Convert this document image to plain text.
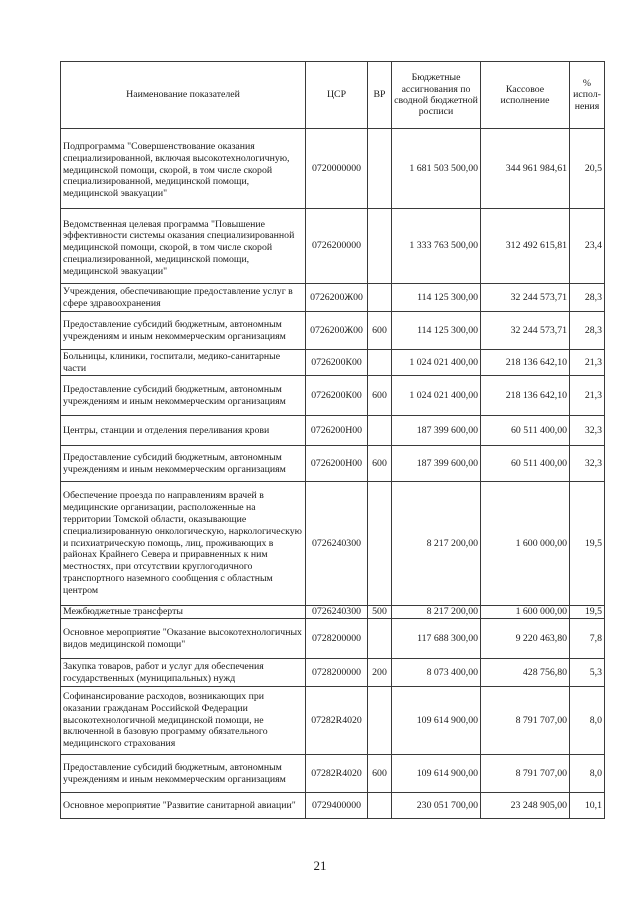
Наименование показателей	ЦСР	ВР	Бюджетные ассигнования по сводной бюджетной росписи	Кассовое исполнение	% испол-нения
Подпрограмма "Совершенствование оказания специализированной, включая высокотехнологичную, медицинской помощи, скорой, в том числе скорой специализированной, медицинской помощи, медицинской эвакуации"	0720000000		1 681 503 500,00	344 961 984,61	20,5
Ведомственная целевая программа "Повышение эффективности системы оказания специализированной медицинской помощи, скорой, в том числе скорой специализированной, медицинской помощи, медицинской эвакуации"	0726200000		1 333 763 500,00	312 492 615,81	23,4
Учреждения, обеспечивающие предоставление услуг в сфере здравоохранения	0726200Ж00		114 125 300,00	32 244 573,71	28,3
Предоставление субсидий бюджетным, автономным учреждениям и иным некоммерческим организациям	0726200Ж00	600	114 125 300,00	32 244 573,71	28,3
Больницы, клиники, госпитали, медико-санитарные части	0726200К00		1 024 021 400,00	218 136 642,10	21,3
Предоставление субсидий бюджетным, автономным учреждениям и иным некоммерческим организациям	0726200К00	600	1 024 021 400,00	218 136 642,10	21,3
Центры, станции и отделения переливания крови	0726200Н00		187 399 600,00	60 511 400,00	32,3
Предоставление субсидий бюджетным, автономным учреждениям и иным некоммерческим организациям	0726200Н00	600	187 399 600,00	60 511 400,00	32,3
Обеспечение проезда по направлениям врачей в медицинские организации, расположенные на территории Томской области, оказывающие специализированную онкологическую, наркологическую и психиатрическую помощь, лиц, проживающих в районах Крайнего Севера и приравненных к ним местностях, при отсутствии круглогодичного транспортного наземного сообщения с областным центром	0726240300		8 217 200,00	1 600 000,00	19,5
Межбюджетные трансферты	0726240300	500	8 217 200,00	1 600 000,00	19,5
Основное мероприятие "Оказание высокотехнологичных видов медицинской помощи"	0728200000		117 688 300,00	9 220 463,80	7,8
Закупка товаров, работ и услуг для обеспечения государственных (муниципальных) нужд	0728200000	200	8 073 400,00	428 756,80	5,3
Софинансирование расходов, возникающих при оказании гражданам Российской Федерации высокотехнологичной медицинской помощи, не включенной в базовую программу обязательного медицинского страхования	07282R4020		109 614 900,00	8 791 707,00	8,0
Предоставление субсидий бюджетным, автономным учреждениям и иным некоммерческим организациям	07282R4020	600	109 614 900,00	8 791 707,00	8,0
Основное мероприятие "Развитие санитарной авиации"	0729400000		230 051 700,00	23 248 905,00	10,1
21
